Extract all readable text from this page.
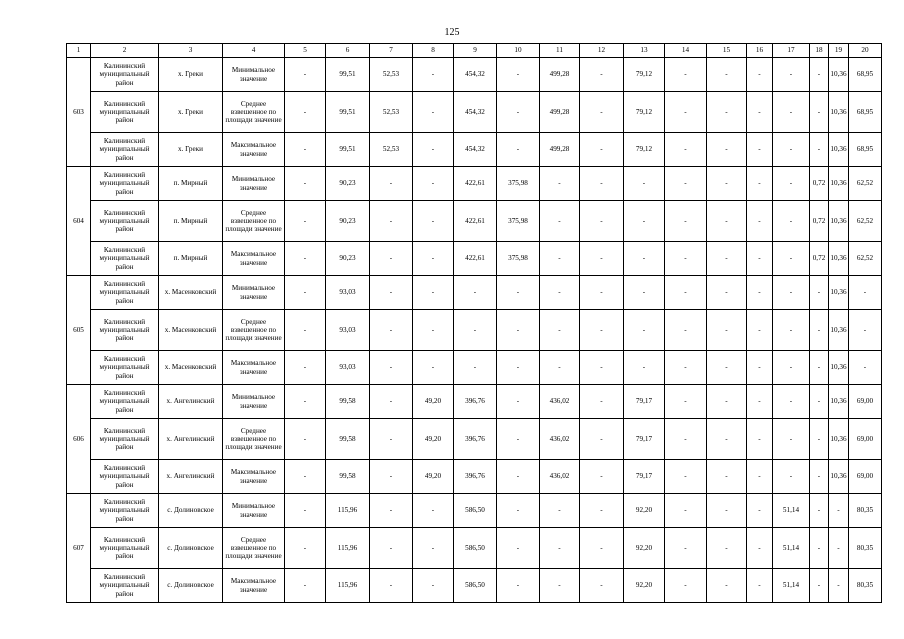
125
1	2	3	4	5	6	7	8	9	10	11	12	13	14	15	16	17	18	19	20
603	Калининский муниципальный район	х. Греки	Минимальное значение	-	99,51	52,53	-	454,32	-	499,28	-	79,12	-	-	-	-	-	10,36	68,95
	Калининский муниципальный район	х. Греки	Среднее взвешенное по площади значение	-	99,51	52,53	-	454,32	-	499,28	-	79,12	-	-	-	-	-	10,36	68,95
	Калининский муниципальный район	х. Греки	Максимальное значение	-	99,51	52,53	-	454,32	-	499,28	-	79,12	-	-	-	-	-	10,36	68,95
604	Калининский муниципальный район	п. Мирный	Минимальное значение	-	90,23	-	-	422,61	375,98	-	-	-	-	-	-	-	0,72	10,36	62,52
	Калининский муниципальный район	п. Мирный	Среднее взвешенное по площади значение	-	90,23	-	-	422,61	375,98	-	-	-	-	-	-	-	0,72	10,36	62,52
	Калининский муниципальный район	п. Мирный	Максимальное значение	-	90,23	-	-	422,61	375,98	-	-	-	-	-	-	-	0,72	10,36	62,52
605	Калининский муниципальный район	х. Масенковский	Минимальное значение	-	93,03	-	-	-	-	-	-	-	-	-	-	-	-	10,36	-
	Калининский муниципальный район	х. Масенковский	Среднее взвешенное по площади значение	-	93,03	-	-	-	-	-	-	-	-	-	-	-	-	10,36	-
	Калининский муниципальный район	х. Масенковский	Максимальное значение	-	93,03	-	-	-	-	-	-	-	-	-	-	-	-	10,36	-
606	Калининский муниципальный район	х. Ангелинский	Минимальное значение	-	99,58	-	49,20	396,76	-	436,02	-	79,17	-	-	-	-	-	10,36	69,00
	Калининский муниципальный район	х. Ангелинский	Среднее взвешенное по площади значение	-	99,58	-	49,20	396,76	-	436,02	-	79,17	-	-	-	-	-	10,36	69,00
	Калининский муниципальный район	х. Ангелинский	Максимальное значение	-	99,58	-	49,20	396,76	-	436,02	-	79,17	-	-	-	-	-	10,36	69,00
607	Калининский муниципальный район	с. Долиновское	Минимальное значение	-	115,96	-	-	586,50	-	-	-	92,20	-	-	-	51,14	-	-	80,35
	Калининский муниципальный район	с. Долиновское	Среднее взвешенное по площади значение	-	115,96	-	-	586,50	-	-	-	92,20	-	-	-	51,14	-	-	80,35
	Калининский муниципальный район	с. Долиновское	Максимальное значение	-	115,96	-	-	586,50	-	-	-	92,20	-	-	-	51,14	-	-	80,35
